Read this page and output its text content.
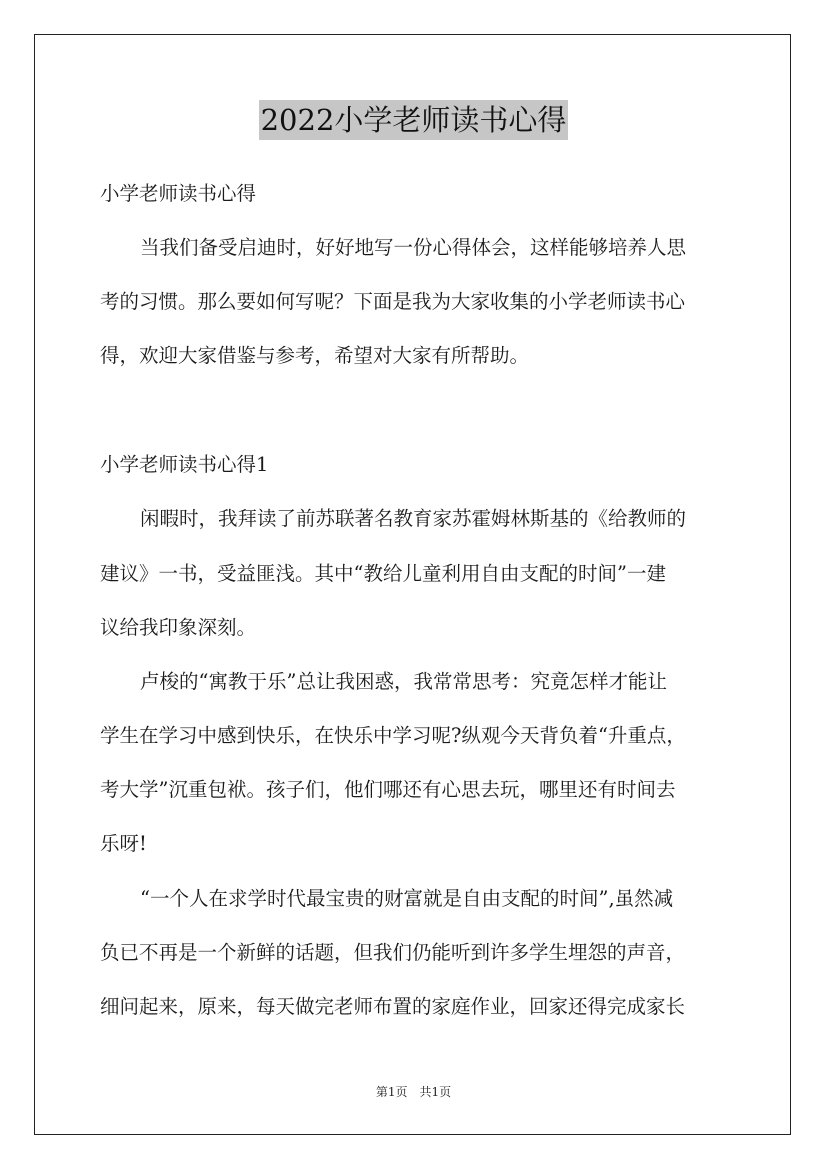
2022小学老师读书心得
小学老师读书心得
当我们备受启迪时，好好地写一份心得体会，这样能够培养人思
考的习惯。那么要如何写呢？下面是我为大家收集的小学老师读书心
得，欢迎大家借鉴与参考，希望对大家有所帮助。
小学老师读书心得1
闲暇时，我拜读了前苏联著名教育家苏霍姆林斯基的《给教师的
建议》一书，受益匪浅。其中“教给儿童利用自由支配的时间”一建
议给我印象深刻。
卢梭的“寓教于乐”总让我困惑，我常常思考：究竟怎样才能让
学生在学习中感到快乐，在快乐中学习呢?纵观今天背负着“升重点，
考大学”沉重包袱。孩子们，他们哪还有心思去玩，哪里还有时间去
乐呀!
“一个人在求学时代最宝贵的财富就是自由支配的时间”,虽然减
负已不再是一个新鲜的话题，但我们仍能听到许多学生埋怨的声音，
细问起来，原来，每天做完老师布置的家庭作业，回家还得完成家长
第1页　共1页
